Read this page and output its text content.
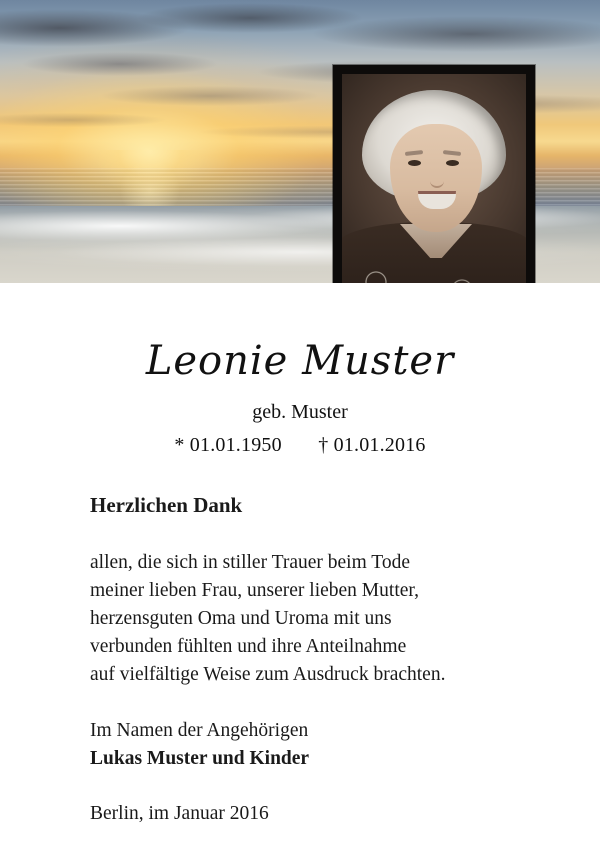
Leonie Muster
geb. Muster
* 01.01.1950 † 01.01.2016
Herzlichen Dank
allen, die sich in stiller Trauer beim Tode
meiner lieben Frau, unserer lieben Mutter,
herzensguten Oma und Uroma mit uns
verbunden fühlten und ihre Anteilnahme
auf vielfältige Weise zum Ausdruck brachten.
Im Namen der Angehörigen
Lukas Muster und Kinder
Berlin, im Januar 2016
